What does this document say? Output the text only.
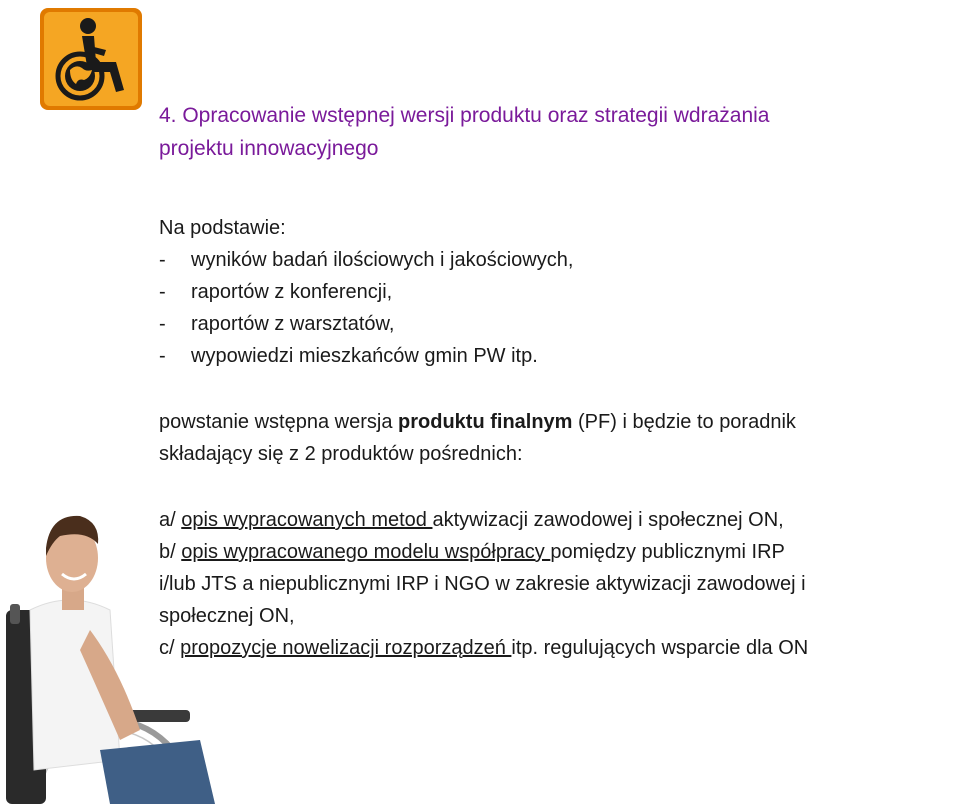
4. Opracowanie wstępnej wersji produktu oraz strategii wdrażania
projektu innowacyjnego
Na podstawie:
-	wyników badań ilościowych i jakościowych,
-	raportów z konferencji,
-	raportów z warsztatów,
-	wypowiedzi mieszkańców gmin PW itp.
powstanie wstępna wersja produktu finalnym (PF) i będzie to poradnik
składający się z 2 produktów pośrednich:
a/ opis wypracowanych metod aktywizacji zawodowej i społecznej ON,
b/ opis wypracowanego modelu współpracy pomiędzy publicznymi IRP
i/lub JTS a niepublicznymi IRP i NGO w zakresie aktywizacji zawodowej i
społecznej ON,
c/ propozycje nowelizacji rozporządzeń itp. regulujących wsparcie dla ON
